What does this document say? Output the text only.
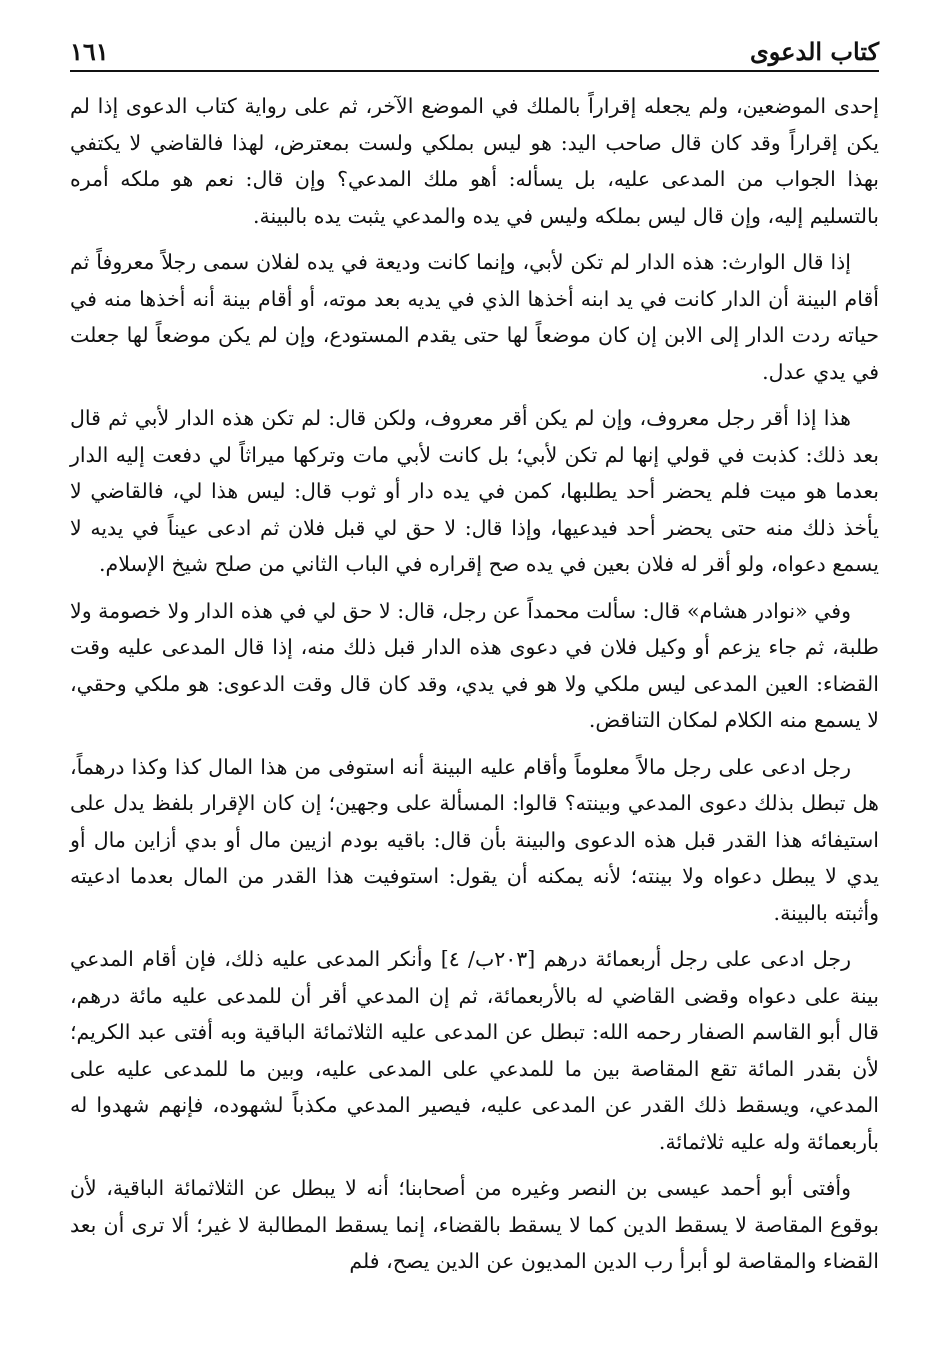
كتاب الدعوى
١٦١

إحدى الموضعين، ولم يجعله إقراراً بالملك في الموضع الآخر، ثم على رواية كتاب الدعوى إذا لم يكن إقراراً وقد كان قال صاحب اليد: هو ليس بملكي ولست بمعترض، لهذا فالقاضي لا يكتفي بهذا الجواب من المدعى عليه، بل يسأله: أهو ملك المدعي؟ وإن قال: نعم هو ملكه أمره بالتسليم إليه، وإن قال ليس بملكه وليس في يده والمدعي يثبت يده بالبينة.

إذا قال الوارث: هذه الدار لم تكن لأبي، وإنما كانت وديعة في يده لفلان سمى رجلاً معروفاً ثم أقام البينة أن الدار كانت في يد ابنه أخذها الذي في يديه بعد موته، أو أقام بينة أنه أخذها منه في حياته ردت الدار إلى الابن إن كان موضعاً لها حتى يقدم المستودع، وإن لم يكن موضعاً لها جعلت في يدي عدل.

هذا إذا أقر رجل معروف، وإن لم يكن أقر معروف، ولكن قال: لم تكن هذه الدار لأبي ثم قال بعد ذلك: كذبت في قولي إنها لم تكن لأبي؛ بل كانت لأبي مات وتركها ميراثاً لي دفعت إليه الدار بعدما هو ميت فلم يحضر أحد يطلبها، كمن في يده دار أو ثوب قال: ليس هذا لي، فالقاضي لا يأخذ ذلك منه حتى يحضر أحد فيدعيها، وإذا قال: لا حق لي قبل فلان ثم ادعى عيناً في يديه لا يسمع دعواه، ولو أقر له فلان بعين في يده صح إقراره في الباب الثاني من صلح شيخ الإسلام.

وفي «نوادر هشام» قال: سألت محمداً عن رجل، قال: لا حق لي في هذه الدار ولا خصومة ولا طلبة، ثم جاء يزعم أو وكيل فلان في دعوى هذه الدار قبل ذلك منه، إذا قال المدعى عليه وقت القضاء: العين المدعى ليس ملكي ولا هو في يدي، وقد كان قال وقت الدعوى: هو ملكي وحقي، لا يسمع منه الكلام لمكان التناقض.

رجل ادعى على رجل مالاً معلوماً وأقام عليه البينة أنه استوفى من هذا المال كذا وكذا درهماً، هل تبطل بذلك دعوى المدعي وبينته؟ قالوا: المسألة على وجهين؛ إن كان الإقرار بلفظ يدل على استيفائه هذا القدر قبل هذه الدعوى والبينة بأن قال: باقيه بودم ازيين مال أو بدي أزاين مال أو يدي لا يبطل دعواه ولا بينته؛ لأنه يمكنه أن يقول: استوفيت هذا القدر من المال بعدما ادعيته وأثبته بالبينة.

رجل ادعى على رجل أربعمائة درهم [٢٠٣ب/ ٤] وأنكر المدعى عليه ذلك، فإن أقام المدعي بينة على دعواه وقضى القاضي له بالأربعمائة، ثم إن المدعي أقر أن للمدعى عليه مائة درهم، قال أبو القاسم الصفار رحمه الله: تبطل عن المدعى عليه الثلاثمائة الباقية وبه أفتى عبد الكريم؛ لأن بقدر المائة تقع المقاصة بين ما للمدعي على المدعى عليه، وبين ما للمدعى عليه على المدعي، ويسقط ذلك القدر عن المدعى عليه، فيصير المدعي مكذباً لشهوده، فإنهم شهدوا له بأربعمائة وله عليه ثلاثمائة.

وأفتى أبو أحمد عيسى بن النصر وغيره من أصحابنا؛ أنه لا يبطل عن الثلاثمائة الباقية، لأن بوقوع المقاصة لا يسقط الدين كما لا يسقط بالقضاء، إنما يسقط المطالبة لا غير؛ ألا ترى أن بعد القضاء والمقاصة لو أبرأ رب الدين المديون عن الدين يصح، فلم
